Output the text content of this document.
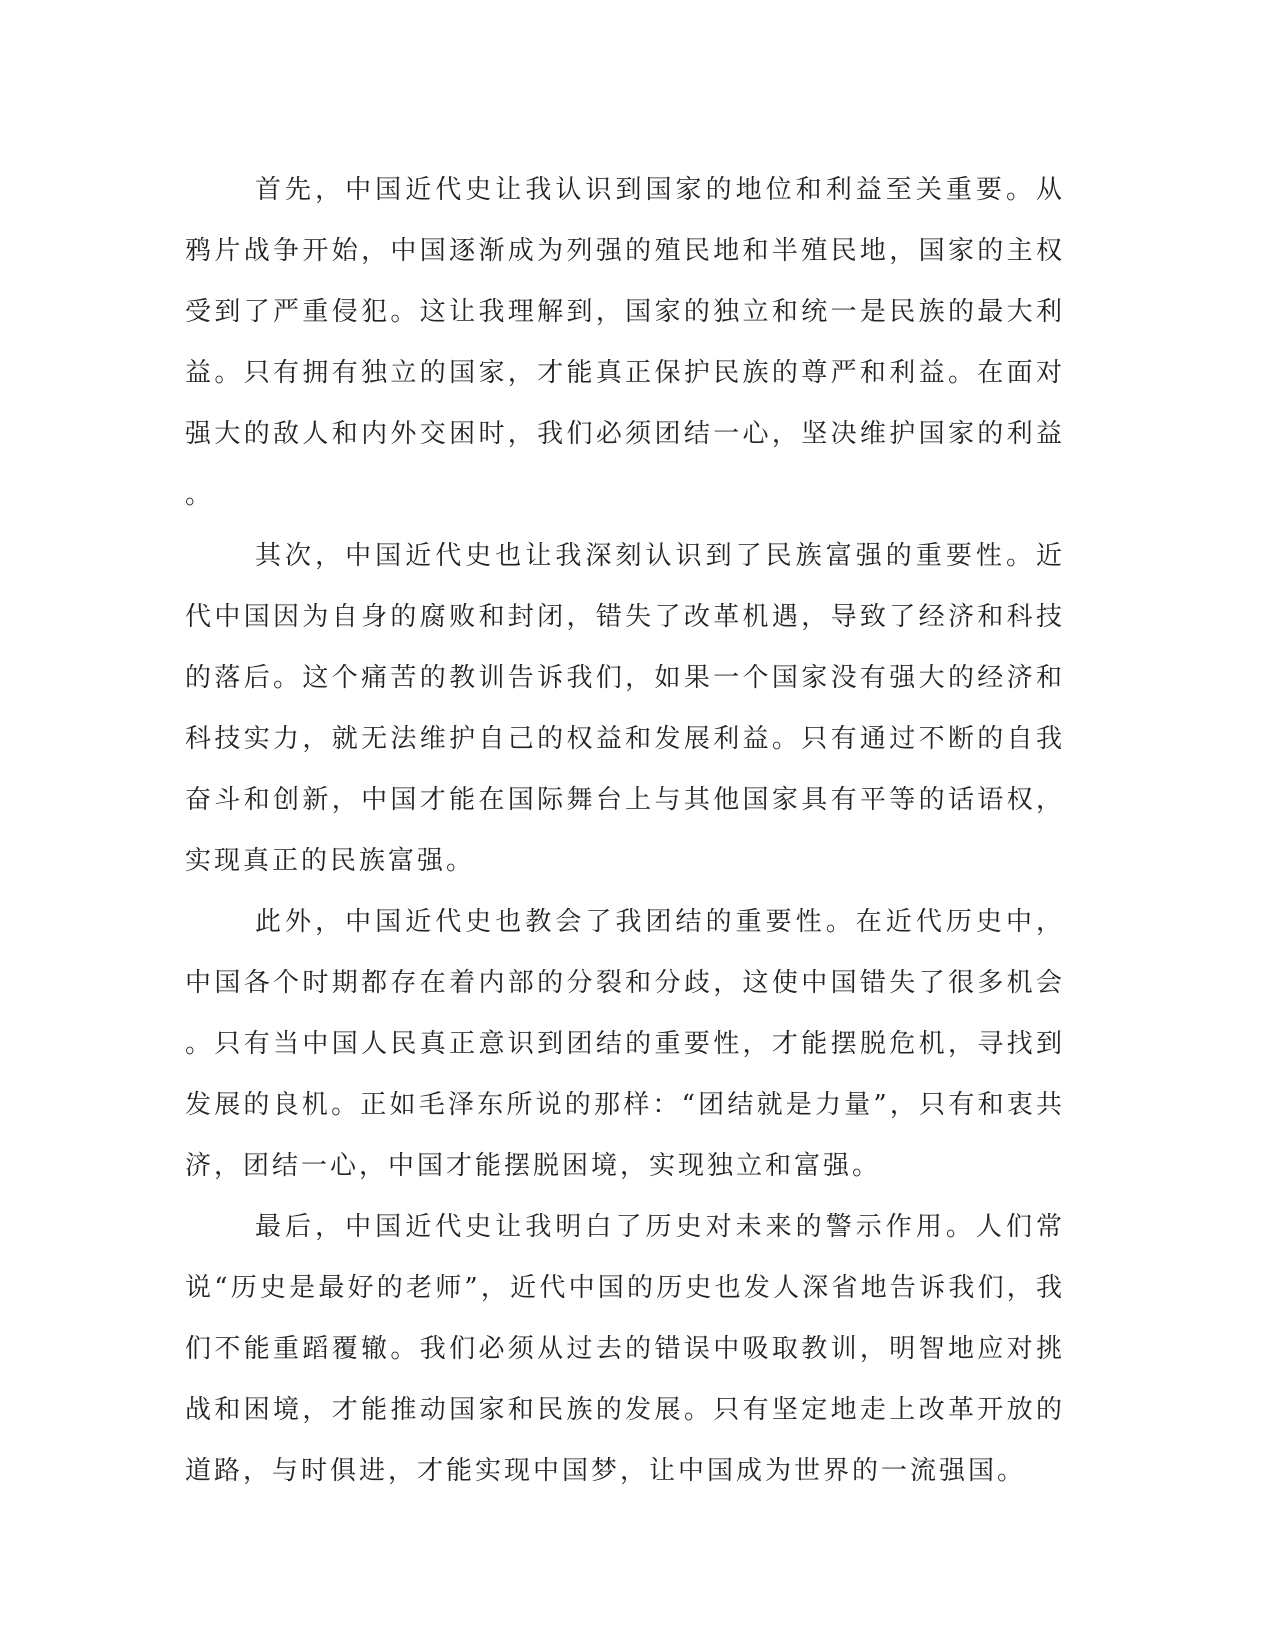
首先，中国近代史让我认识到国家的地位和利益至关重要。从鸦片战争开始，中国逐渐成为列强的殖民地和半殖民地，国家的主权受到了严重侵犯。这让我理解到，国家的独立和统一是民族的最大利益。只有拥有独立的国家，才能真正保护民族的尊严和利益。在面对强大的敌人和内外交困时，我们必须团结一心，坚决维护国家的利益。

其次，中国近代史也让我深刻认识到了民族富强的重要性。近代中国因为自身的腐败和封闭，错失了改革机遇，导致了经济和科技的落后。这个痛苦的教训告诉我们，如果一个国家没有强大的经济和科技实力，就无法维护自己的权益和发展利益。只有通过不断的自我奋斗和创新，中国才能在国际舞台上与其他国家具有平等的话语权，实现真正的民族富强。

此外，中国近代史也教会了我团结的重要性。在近代历史中，中国各个时期都存在着内部的分裂和分歧，这使中国错失了很多机会。只有当中国人民真正意识到团结的重要性，才能摆脱危机，寻找到发展的良机。正如毛泽东所说的那样：“团结就是力量”，只有和衷共济，团结一心，中国才能摆脱困境，实现独立和富强。

最后，中国近代史让我明白了历史对未来的警示作用。人们常说“历史是最好的老师”，近代中国的历史也发人深省地告诉我们，我们不能重蹈覆辙。我们必须从过去的错误中吸取教训，明智地应对挑战和困境，才能推动国家和民族的发展。只有坚定地走上改革开放的道路，与时俱进，才能实现中国梦，让中国成为世界的一流强国。
